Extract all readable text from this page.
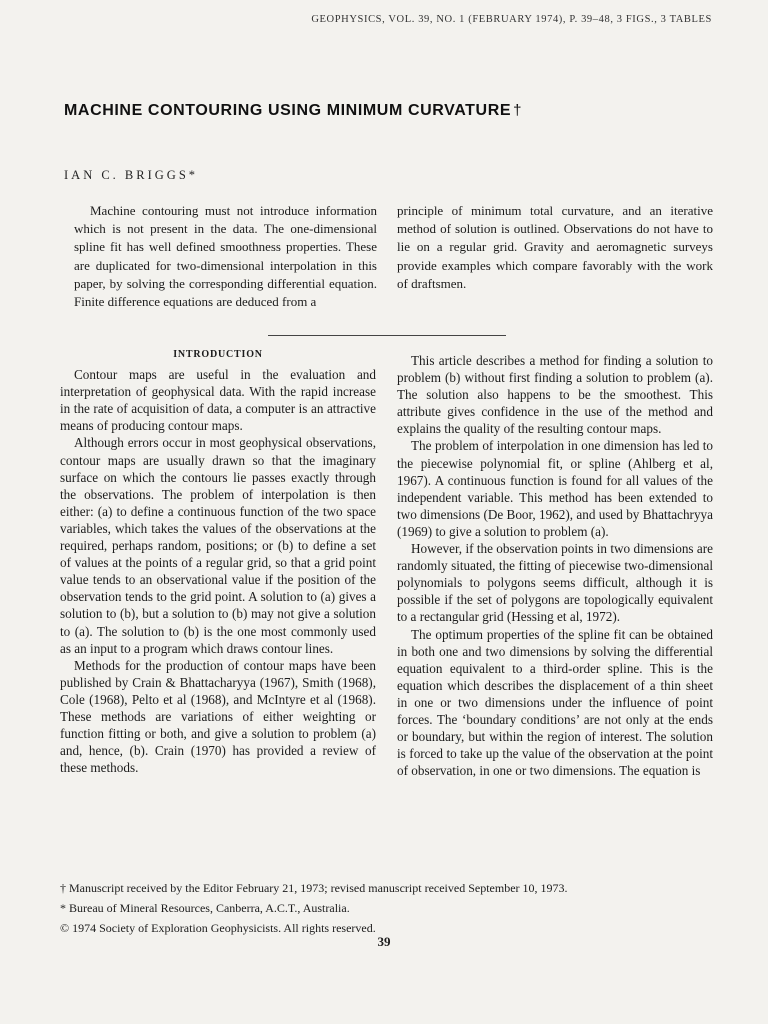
GEOPHYSICS, VOL. 39, NO. 1 (FEBRUARY 1974), P. 39–48, 3 FIGS., 3 TABLES
MACHINE CONTOURING USING MINIMUM CURVATURE †
IAN C. BRIGGS*

Machine contouring must not introduce information which is not present in the data. The one-dimensional spline fit has well defined smoothness properties. These are duplicated for two-dimensional interpolation in this paper, by solving the corresponding differential equation. Finite difference equations are deduced from a

principle of minimum total curvature, and an iterative method of solution is outlined. Observations do not have to lie on a regular grid. Gravity and aeromagnetic surveys provide examples which compare favorably with the work of draftsmen.

INTRODUCTION

Contour maps are useful in the evaluation and interpretation of geophysical data. With the rapid increase in the rate of acquisition of data, a computer is an attractive means of producing contour maps.

Although errors occur in most geophysical observations, contour maps are usually drawn so that the imaginary surface on which the contours lie passes exactly through the observations. The problem of interpolation is then either: (a) to define a continuous function of the two space variables, which takes the values of the observations at the required, perhaps random, positions; or (b) to define a set of values at the points of a regular grid, so that a grid point value tends to an observational value if the position of the observation tends to the grid point. A solution to (a) gives a solution to (b), but a solution to (b) may not give a solution to (a). The solution to (b) is the one most commonly used as an input to a program which draws contour lines.

Methods for the production of contour maps have been published by Crain & Bhattacharyya (1967), Smith (1968), Cole (1968), Pelto et al (1968), and McIntyre et al (1968). These methods are variations of either weighting or function fitting or both, and give a solution to problem (a) and, hence, (b). Crain (1970) has provided a review of these methods.

This article describes a method for finding a solution to problem (b) without first finding a solution to problem (a). The solution also happens to be the smoothest. This attribute gives confidence in the use of the method and explains the quality of the resulting contour maps.

The problem of interpolation in one dimension has led to the piecewise polynomial fit, or spline (Ahlberg et al, 1967). A continuous function is found for all values of the independent variable. This method has been extended to two dimensions (De Boor, 1962), and used by Bhattachryya (1969) to give a solution to problem (a).

However, if the observation points in two dimensions are randomly situated, the fitting of piecewise two-dimensional polynomials to polygons seems difficult, although it is possible if the set of polygons are topologically equivalent to a rectangular grid (Hessing et al, 1972).

The optimum properties of the spline fit can be obtained in both one and two dimensions by solving the differential equation equivalent to a third-order spline. This is the equation which describes the displacement of a thin sheet in one or two dimensions under the influence of point forces. The ‘boundary conditions’ are not only at the ends or boundary, but within the region of interest. The solution is forced to take up the value of the observation at the point of observation, in one or two dimensions. The equation is

† Manuscript received by the Editor February 21, 1973; revised manuscript received September 10, 1973.
* Bureau of Mineral Resources, Canberra, A.C.T., Australia.
© 1974 Society of Exploration Geophysicists. All rights reserved.
39
